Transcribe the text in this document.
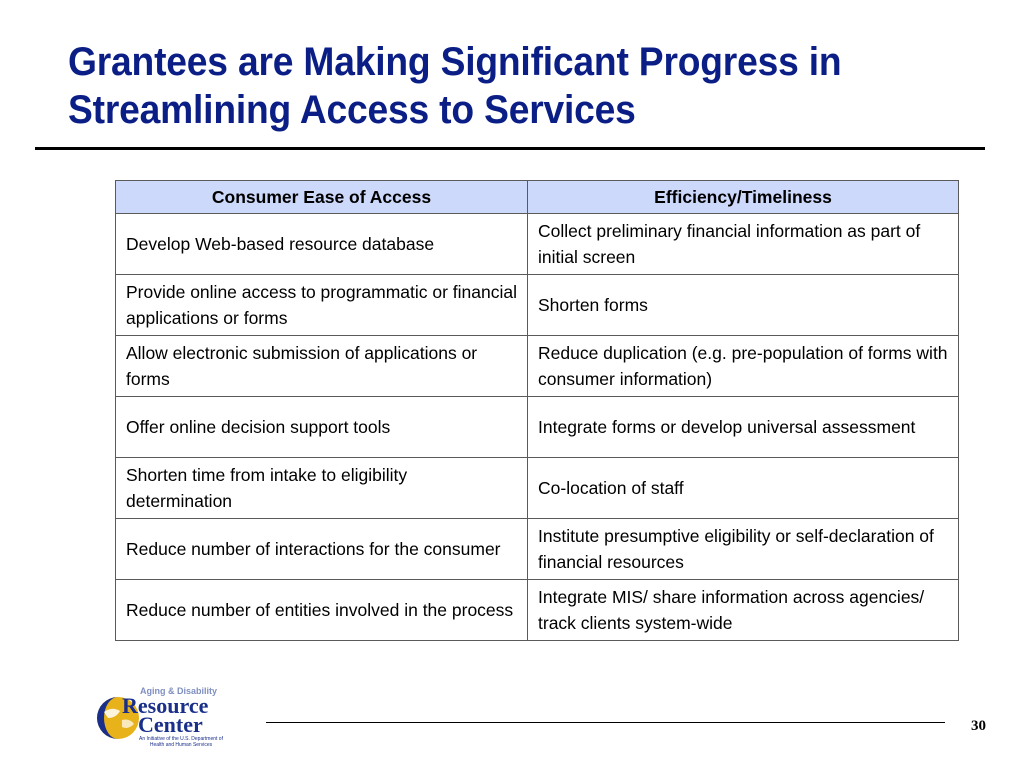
Grantees are Making Significant Progress in Streamlining Access to Services
Consumer Ease of Access	Efficiency/Timeliness
Develop Web-based resource database	Collect preliminary financial information as part of initial screen
Provide online access to programmatic or financial applications or forms	Shorten forms
Allow electronic submission of applications or forms	Reduce duplication (e.g. pre-population of forms with consumer information)
Offer online decision support tools	Integrate forms or develop universal assessment
Shorten time from intake to eligibility determination	Co-location of staff
Reduce number of interactions for the consumer	Institute presumptive eligibility or self-declaration of financial resources
Reduce number of entities involved in the process	Integrate MIS/ share information across agencies/ track clients system-wide
Aging & Disability
Resource
Center
An Initiative of the U.S. Department of Health and Human Services
30
